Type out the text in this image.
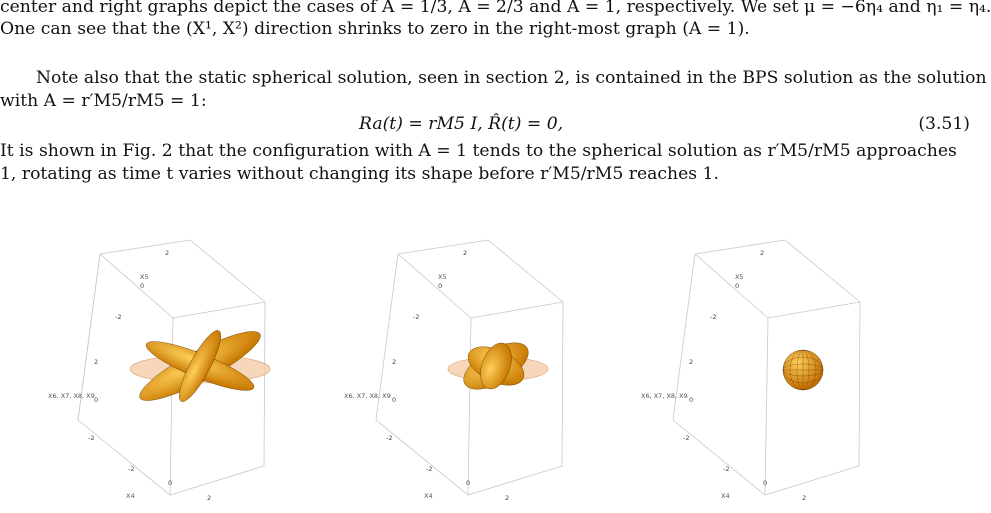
center and right graphs depict the cases of A = 1/3, A = 2/3 and A = 1, respectively. We set μ = −6η₄ and η₁ = η₄.
One can see that the (X¹, X²) direction shrinks to zero in the right-most graph (A = 1).
Note also that the static spherical solution, seen in section 2, is contained in the BPS solution as the solution
with A = r′M5/rM5 = 1:
Ra(t) = rM5 I, R̂(t) = 0,	(3.51)
It is shown in Fig. 2 that the configuration with A = 1 tends to the spherical solution as r′M5/rM5 approaches
1, rotating as time t varies without changing its shape before r′M5/rM5 reaches 1.
X5
2
0
-2
X6, X7, X8, X9
2
0
-2
X4
-2
0
2
X5
2
0
-2
X6, X7, X8, X9
2
0
-2
X4
-2
0
2
X5
2
0
-2
X6, X7, X8, X9
2
0
-2
X4
-2
0
2
